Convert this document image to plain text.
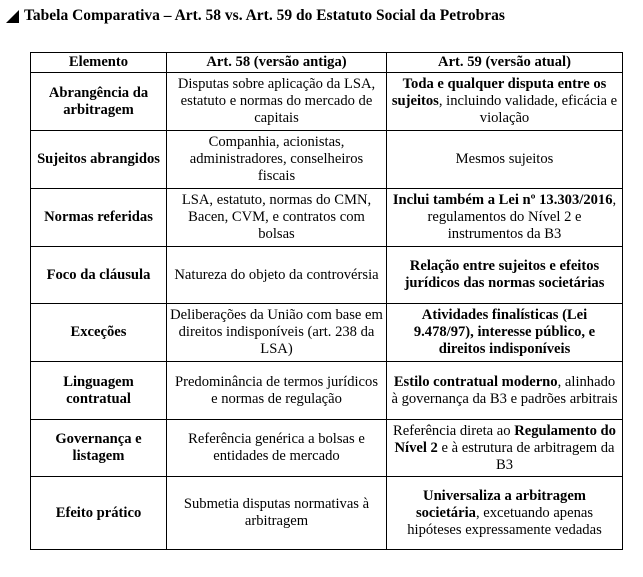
Tabela Comparativa – Art. 58 vs. Art. 59 do Estatuto Social da Petrobras
Elemento	Art. 58 (versão antiga)	Art. 59 (versão atual)
Abrangência da arbitragem	Disputas sobre aplicação da LSA, estatuto e normas do mercado de capitais	Toda e qualquer disputa entre os sujeitos, incluindo validade, eficácia e violação
Sujeitos abrangidos	Companhia, acionistas, administradores, conselheiros fiscais	Mesmos sujeitos
Normas referidas	LSA, estatuto, normas do CMN, Bacen, CVM, e contratos com bolsas	Inclui também a Lei nº 13.303/2016, regulamentos do Nível 2 e instrumentos da B3
Foco da cláusula	Natureza do objeto da controvérsia	Relação entre sujeitos e efeitos jurídicos das normas societárias
Exceções	Deliberações da União com base em direitos indisponíveis (art. 238 da LSA)	Atividades finalísticas (Lei 9.478/97), interesse público, e direitos indisponíveis
Linguagem contratual	Predominância de termos jurídicos e normas de regulação	Estilo contratual moderno, alinhado à governança da B3 e padrões arbitrais
Governança e listagem	Referência genérica a bolsas e entidades de mercado	Referência direta ao Regulamento do Nível 2 e à estrutura de arbitragem da B3
Efeito prático	Submetia disputas normativas à arbitragem	Universaliza a arbitragem societária, excetuando apenas hipóteses expressamente vedadas
